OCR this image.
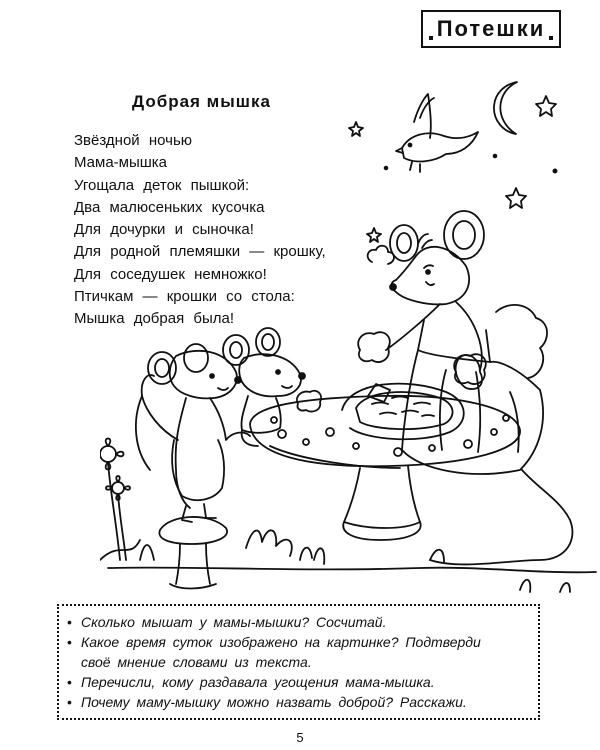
Потешки
Добрая мышка
Звёздной ночью
Мама-мышка
Угощала деток пышкой:
Два малюсеньких кусочка
Для дочурки и сыночка!
Для родной племяшки — крошку,
Для соседушек немножко!
Птичкам — крошки со стола:
Мышка добрая была!
• Сколько мышат у мамы-мышки? Сосчитай.
• Какое время суток изображено на картинке? Подтверди
своё мнение словами из текста.
• Перечисли, кому раздавала угощения мама-мышка.
• Почему маму-мышку можно назвать доброй? Расскажи.
5
